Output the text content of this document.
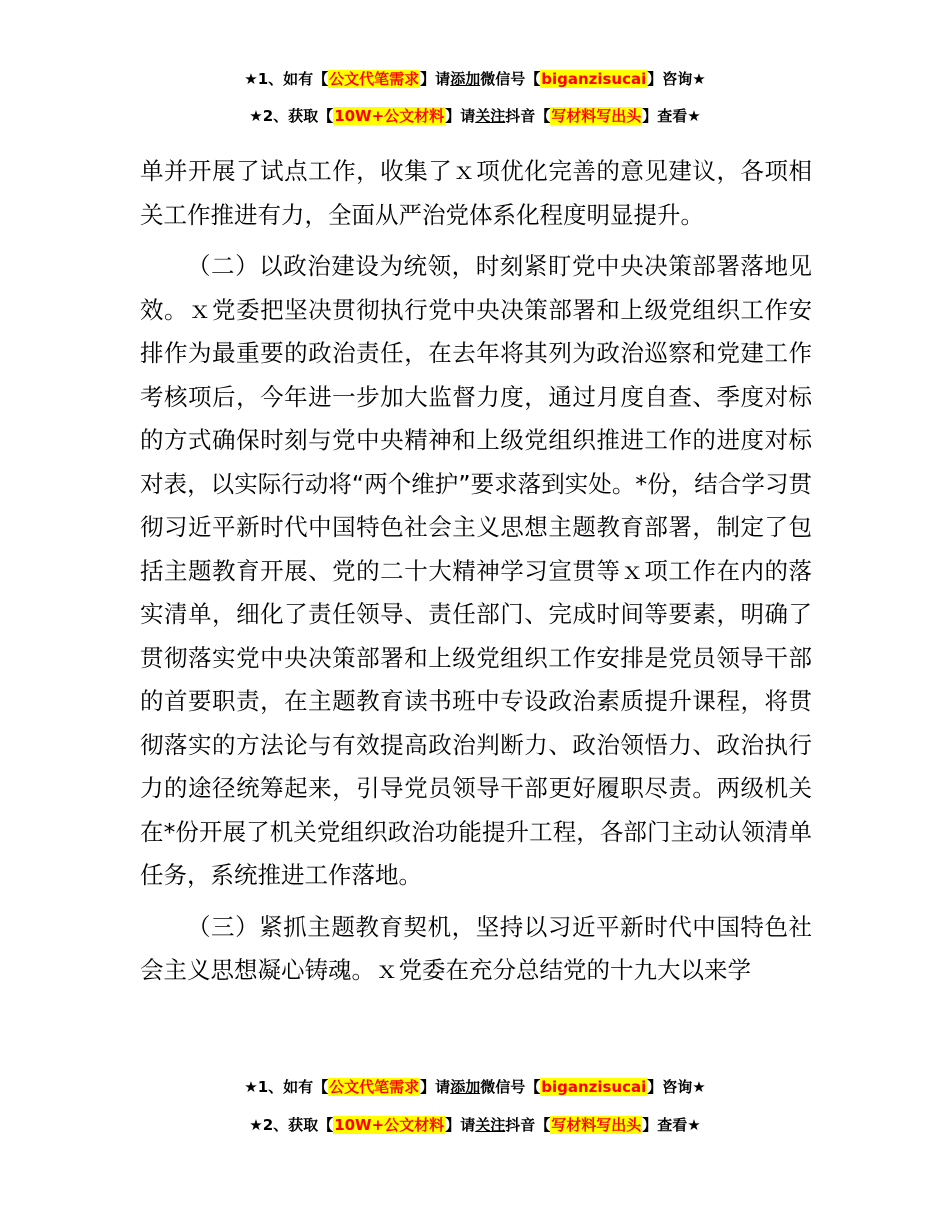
★1、如有【公文代笔需求】请添加微信号【biganzisucai】咨询★
★2、获取【10W+公文材料】请关注抖音【写材料写出头】查看★

单并开展了试点工作，收集了ｘ项优化完善的意见建议，各项相关工作推进有力，全面从严治党体系化程度明显提升。

（二）以政治建设为统领，时刻紧盯党中央决策部署落地见效。ｘ党委把坚决贯彻执行党中央决策部署和上级党组织工作安排作为最重要的政治责任，在去年将其列为政治巡察和党建工作考核项后，今年进一步加大监督力度，通过月度自查、季度对标的方式确保时刻与党中央精神和上级党组织推进工作的进度对标对表，以实际行动将“两个维护”要求落到实处。*份，结合学习贯彻习近平新时代中国特色社会主义思想主题教育部署，制定了包括主题教育开展、党的二十大精神学习宣贯等ｘ项工作在内的落实清单，细化了责任领导、责任部门、完成时间等要素，明确了贯彻落实党中央决策部署和上级党组织工作安排是党员领导干部的首要职责，在主题教育读书班中专设政治素质提升课程，将贯彻落实的方法论与有效提高政治判断力、政治领悟力、政治执行力的途径统筹起来，引导党员领导干部更好履职尽责。两级机关在*份开展了机关党组织政治功能提升工程，各部门主动认领清单任务，系统推进工作落地。

（三）紧抓主题教育契机，坚持以习近平新时代中国特色社会主义思想凝心铸魂。ｘ党委在充分总结党的十九大以来学

★1、如有【公文代笔需求】请添加微信号【biganzisucai】咨询★
★2、获取【10W+公文材料】请关注抖音【写材料写出头】查看★
